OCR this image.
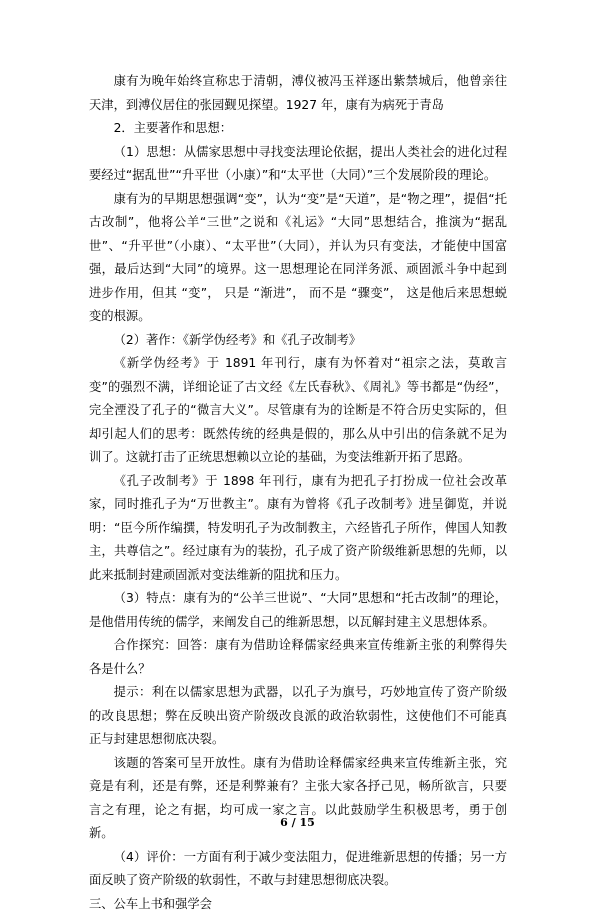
康有为晚年始终宣称忠于清朝，溥仪被冯玉祥逐出紫禁城后，他曾亲往天津，到溥仪居住的张园觐见探望。1927 年，康有为病死于青岛

2．主要著作和思想：

（1）思想：从儒家思想中寻找变法理论依据，提出人类社会的进化过程要经过“据乱世”“升平世（小康）”和“太平世（大同）”三个发展阶段的理论。

康有为的早期思想强调“变”，认为“变”是“天道”，是“物之理”，提倡“托古改制”，他将公羊“三世”之说和《礼运》“大同”思想结合，推演为“据乱世”、“升平世”（小康）、“太平世”（大同），并认为只有变法，才能使中国富强，最后达到“大同”的境界。这一思想理论在同洋务派、顽固派斗争中起到进步作用，但其 “变”， 只是 “渐进”， 而不是 “骤变”， 这是他后来思想蜕变的根源。

（2）著作：《新学伪经考》和《孔子改制考》

《新学伪经考》于 1891 年刊行，康有为怀着对“祖宗之法，莫敢言变”的强烈不满，详细论证了古文经《左氏春秋》、《周礼》等书都是“伪经”，完全湮没了孔子的“微言大义”。尽管康有为的诠断是不符合历史实际的，但却引起人们的思考：既然传统的经典是假的，那么从中引出的信条就不足为训了。这就打击了正统思想赖以立论的基础，为变法维新开拓了思路。

《孔子改制考》于 1898 年刊行，康有为把孔子打扮成一位社会改革家，同时推孔子为“万世教主”。康有为曾将《孔子改制考》进呈御览，并说明：“臣今所作编撰，特发明孔子为改制教主，六经皆孔子所作，俾国人知教主，共尊信之”。经过康有为的装扮，孔子成了资产阶级维新思想的先师，以此来抵制封建顽固派对变法维新的阻扰和压力。

（3）特点：康有为的“公羊三世说”、“大同”思想和“托古改制”的理论，是他借用传统的儒学，来阐发自己的维新思想，以瓦解封建主义思想体系。

合作探究：回答：康有为借助诠释儒家经典来宣传维新主张的利弊得失各是什么？

提示：利在以儒家思想为武器，以孔子为旗号，巧妙地宣传了资产阶级的改良思想；弊在反映出资产阶级改良派的政治软弱性，这使他们不可能真正与封建思想彻底决裂。

该题的答案可呈开放性。康有为借助诠释儒家经典来宣传维新主张，究竟是有利，还是有弊，还是利弊兼有？主张大家各抒己见，畅所欲言，只要言之有理，论之有据，均可成一家之言。以此鼓励学生积极思考，勇于创新。

（4）评价：一方面有利于减少变法阻力，促进维新思想的传播；另一方面反映了资产阶级的软弱性，不敢与封建思想彻底决裂。

三、公车上书和强学会

6 / 15
